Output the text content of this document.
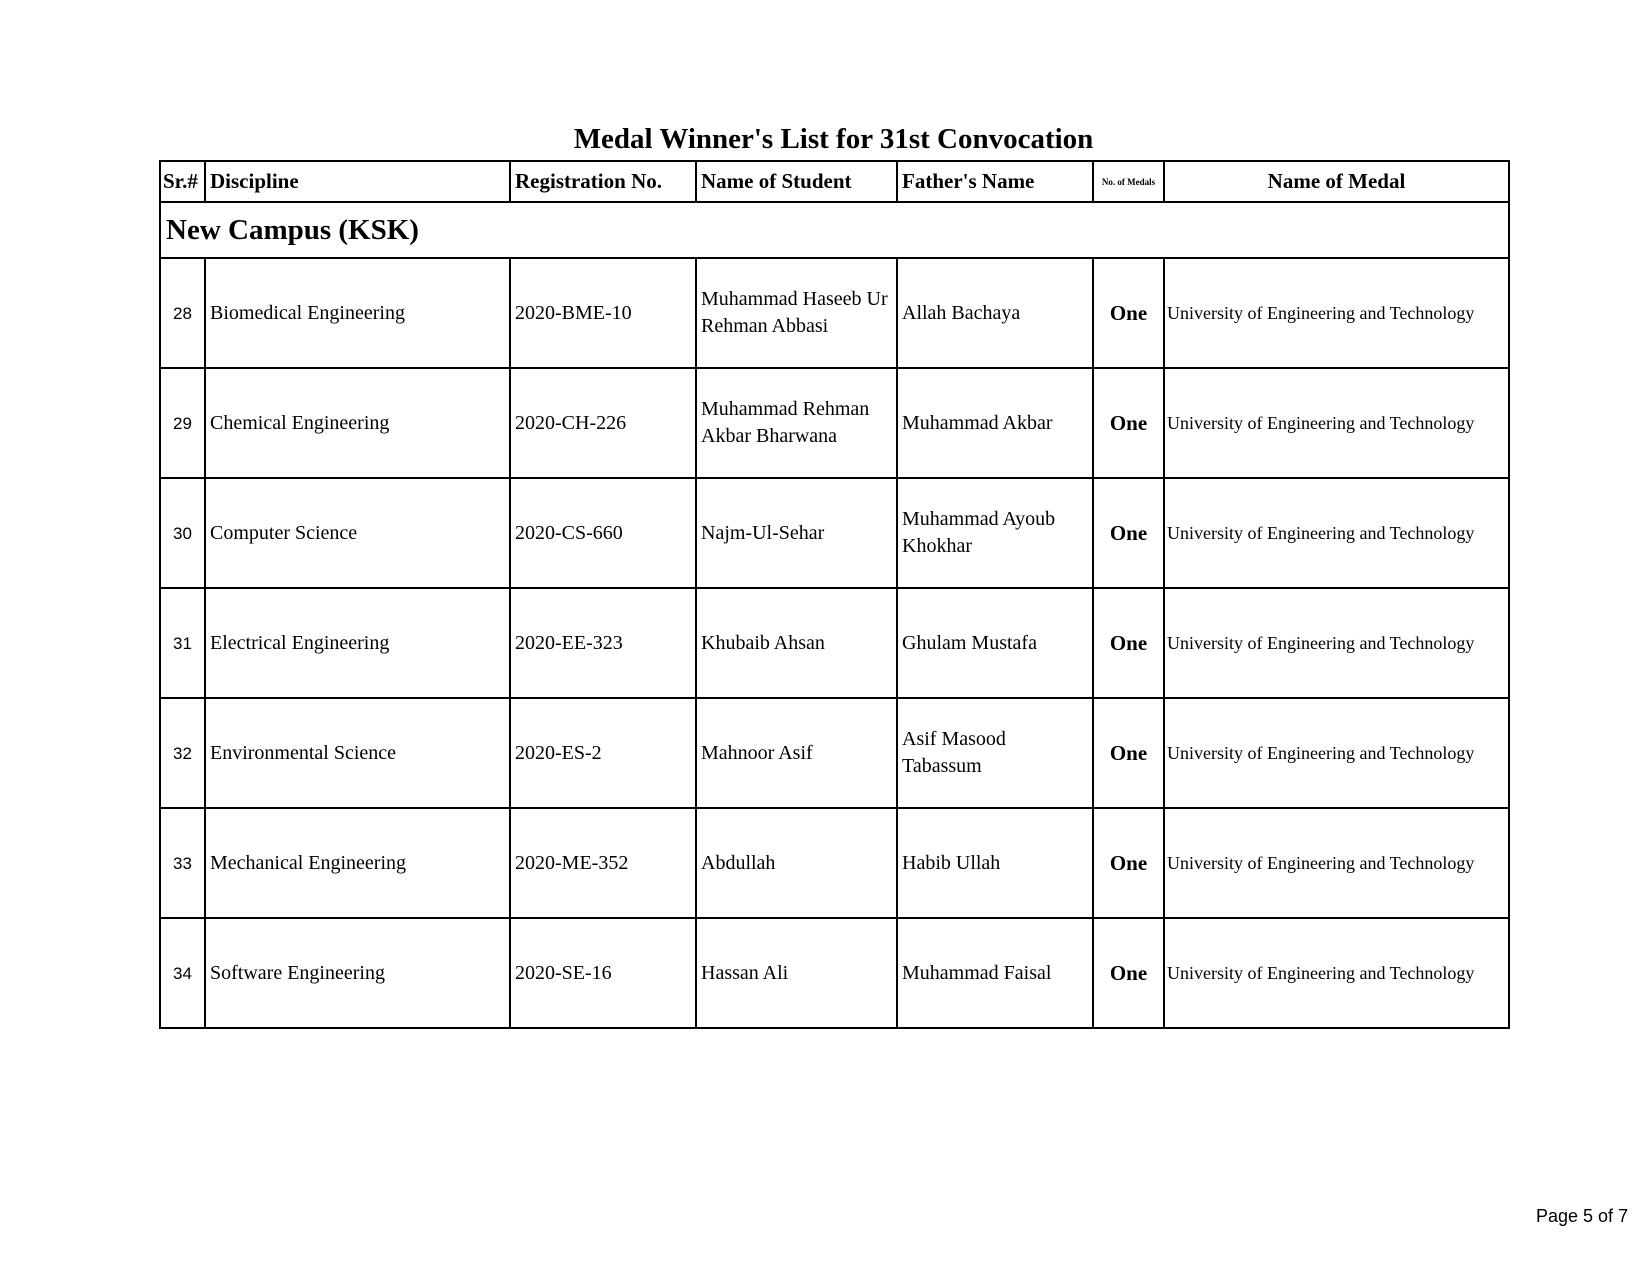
Medal Winner's List for 31st Convocation
Sr.#	Discipline	Registration No.	Name of Student	Father's Name	No. of Medals	Name of Medal
New Campus (KSK)						
28	Biomedical Engineering	2020-BME-10	Muhammad Haseeb Ur Rehman Abbasi	Allah Bachaya	One	University of Engineering and Technology
29	Chemical Engineering	2020-CH-226	Muhammad Rehman Akbar Bharwana	Muhammad Akbar	One	University of Engineering and Technology
30	Computer Science	2020-CS-660	Najm-Ul-Sehar	Muhammad Ayoub Khokhar	One	University of Engineering and Technology
31	Electrical Engineering	2020-EE-323	Khubaib Ahsan	Ghulam Mustafa	One	University of Engineering and Technology
32	Environmental Science	2020-ES-2	Mahnoor Asif	Asif Masood Tabassum	One	University of Engineering and Technology
33	Mechanical Engineering	2020-ME-352	Abdullah	Habib Ullah	One	University of Engineering and Technology
34	Software Engineering	2020-SE-16	Hassan Ali	Muhammad Faisal	One	University of Engineering and Technology
Page 5 of 7
